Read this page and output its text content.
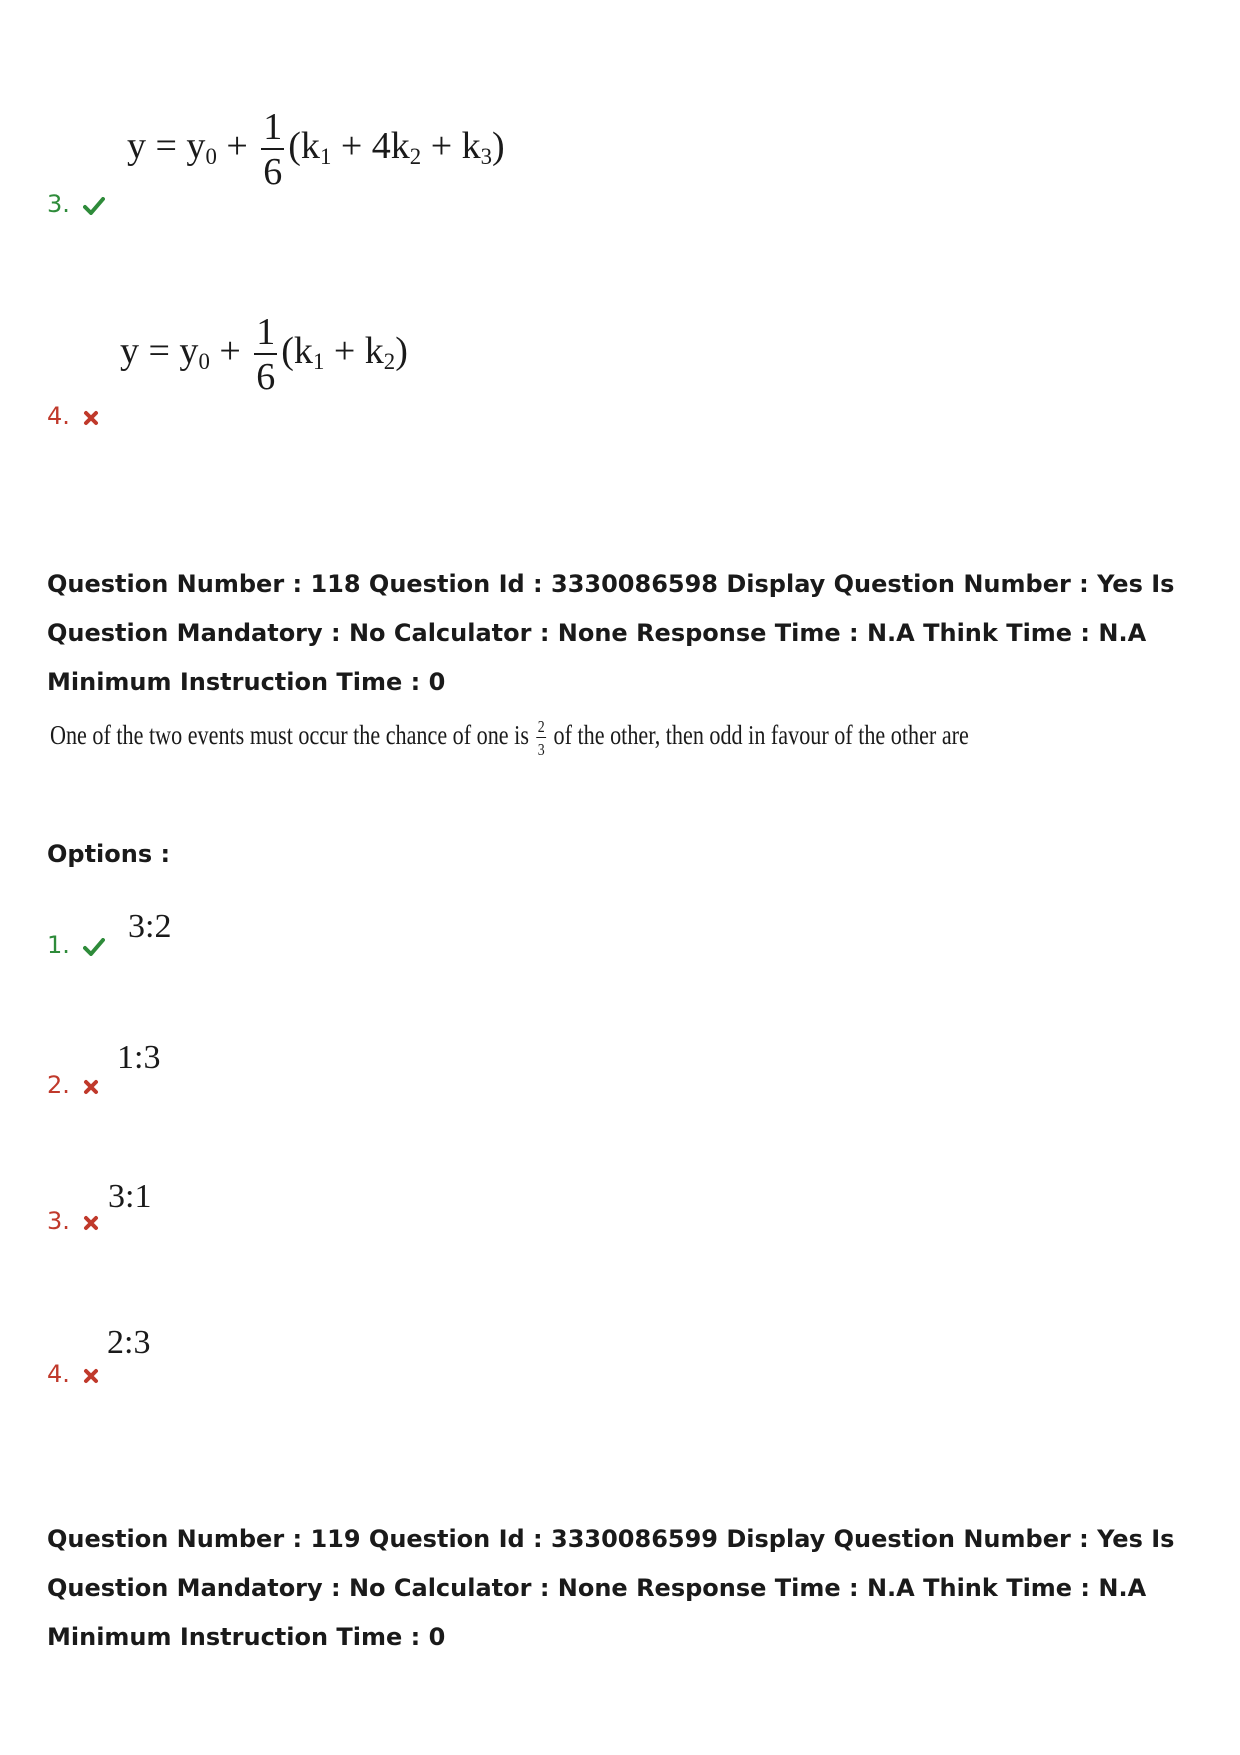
3.
$y = y_0 + \frac{1}{6} (k_1 + 4k_2 + k_3)$
4.
$y = y_0 + \frac{1}{6} (k_1 + k_2)$
Question Number : 118 Question Id : 3330086598 Display Question Number : Yes Is Question Mandatory : No Calculator : None Response Time : N.A Think Time : N.A Minimum Instruction Time : 0
One of the two events must occur the chance of one is $\frac{2}{3}$ of the other, then odd in favour of the other are
Options :
1.	3:2
2.
1:3
3.
3:1
4.
2:3
Question Number : 119 Question Id : 3330086599 Display Question Number : Yes Is Question Mandatory : No Calculator : None Response Time : N.A Think Time : N.A Minimum Instruction Time : 0
